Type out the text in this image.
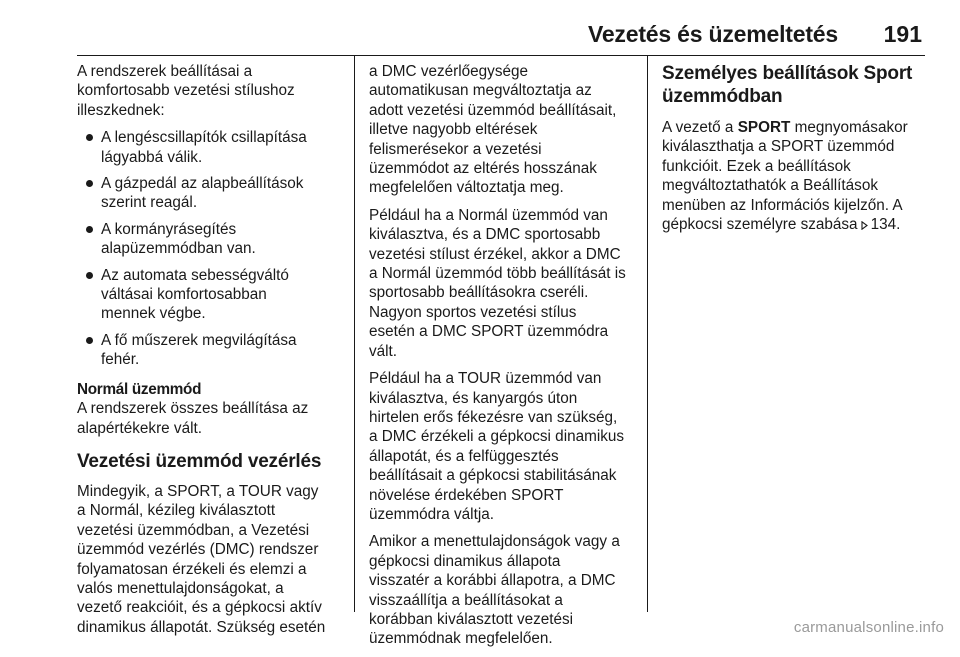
Vezetés és üzemeltetés 191

A rendszerek beállításai a
komfortosabb vezetési stílushoz
illeszkednek:

A lengéscsillapítók csillapítása
lágyabbá válik.
A gázpedál az alapbeállítások
szerint reagál.
A kormányrásegítés
alapüzemmódban van.
Az automata sebességváltó
váltásai komfortosabban
mennek végbe.
A fő műszerek megvilágítása
fehér.

Normál üzemmód

A rendszerek összes beállítása az
alapértékekre vált.

Vezetési üzemmód vezérlés

Mindegyik, a SPORT, a TOUR vagy
a Normál, kézileg kiválasztott
vezetési üzemmódban, a Vezetési
üzemmód vezérlés (DMC) rendszer
folyamatosan érzékeli és elemzi a
valós menettulajdonságokat, a
vezető reakcióit, és a gépkocsi aktív
dinamikus állapotát. Szükség esetén

a DMC vezérlőegysége
automatikusan megváltoztatja az
adott vezetési üzemmód beállításait,
illetve nagyobb eltérések
felismerésekor a vezetési
üzemmódot az eltérés hosszának
megfelelően változtatja meg.

Például ha a Normál üzemmód van
kiválasztva, és a DMC sportosabb
vezetési stílust érzékel, akkor a DMC
a Normál üzemmód több beállítását is
sportosabb beállításokra cseréli.
Nagyon sportos vezetési stílus
esetén a DMC SPORT üzemmódra
vált.

Például ha a TOUR üzemmód van
kiválasztva, és kanyargós úton
hirtelen erős fékezésre van szükség,
a DMC érzékeli a gépkocsi dinamikus
állapotát, és a felfüggesztés
beállításait a gépkocsi stabilitásának
növelése érdekében SPORT
üzemmódra váltja.

Amikor a menettulajdonságok vagy a
gépkocsi dinamikus állapota
visszatér a korábbi állapotra, a DMC
visszaállítja a beállításokat a
korábban kiválasztott vezetési
üzemmódnak megfelelően.

Személyes beállítások Sport
üzemmódban

A vezető a SPORT megnyomásakor
kiválaszthatja a SPORT üzemmód
funkcióit. Ezek a beállítások
megváltoztathatók a Beállítások
menüben az Információs kijelzőn. A
gépkocsi személyre szabása 134.

carmanualsonline.info
